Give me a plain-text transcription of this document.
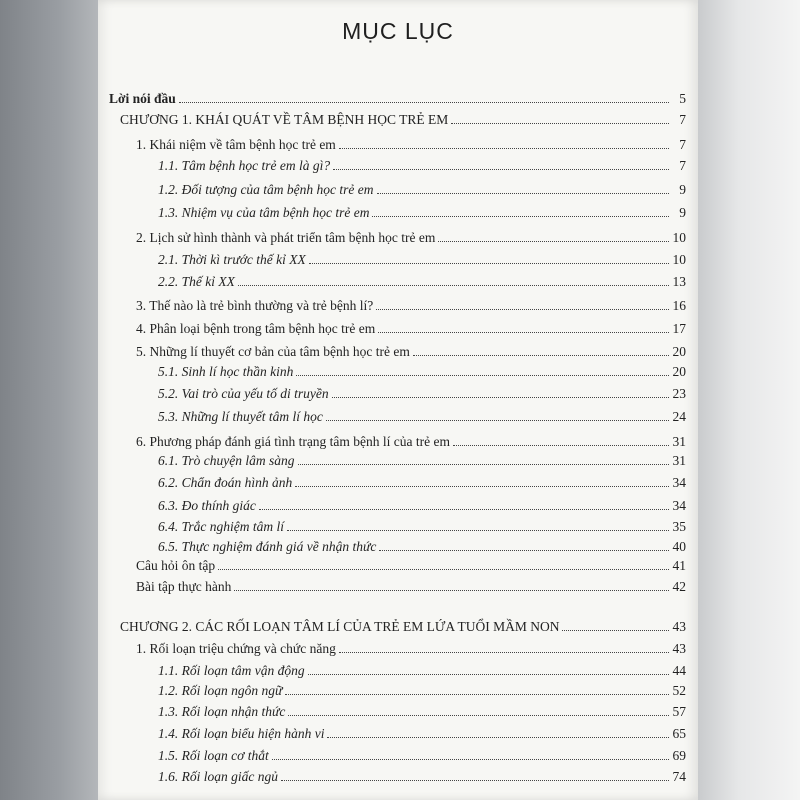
MỤC LỤC
Lời nói đầu	5
CHƯƠNG 1. KHÁI QUÁT VỀ TÂM BỆNH HỌC TRẺ EM	7
1. Khái niệm về tâm bệnh học trẻ em	7
1.1. Tâm bệnh học trẻ em là gì?	7
1.2. Đối tượng của tâm bệnh học trẻ em	9
1.3. Nhiệm vụ của tâm bệnh học trẻ em	9
2. Lịch sử hình thành và phát triển tâm bệnh học trẻ em	10
2.1. Thời kì trước thế kỉ XX	10
2.2. Thế kỉ XX	13
3. Thế nào là trẻ bình thường và trẻ bệnh lí?	16
4. Phân loại bệnh trong tâm bệnh học trẻ em	17
5. Những lí thuyết cơ bản của tâm bệnh học trẻ em	20
5.1. Sinh lí học thần kinh	20
5.2. Vai trò của yếu tố di truyền	23
5.3. Những lí thuyết tâm lí học	24
6. Phương pháp đánh giá tình trạng tâm bệnh lí của trẻ em	31
6.1. Trò chuyện lâm sàng	31
6.2. Chẩn đoán hình ảnh	34
6.3. Đo thính giác	34
6.4. Trắc nghiệm tâm lí	35
6.5. Thực nghiệm đánh giá về nhận thức	40
Câu hỏi ôn tập	41
Bài tập thực hành	42
CHƯƠNG 2. CÁC RỐI LOẠN TÂM LÍ CỦA TRẺ EM LỨA TUỔI MẦM NON	43
1. Rối loạn triệu chứng và chức năng	43
1.1. Rối loạn tâm vận động	44
1.2. Rối loạn ngôn ngữ	52
1.3. Rối loạn nhận thức	57
1.4. Rối loạn biểu hiện hành vi	65
1.5. Rối loạn cơ thắt	69
1.6. Rối loạn giấc ngủ	74
